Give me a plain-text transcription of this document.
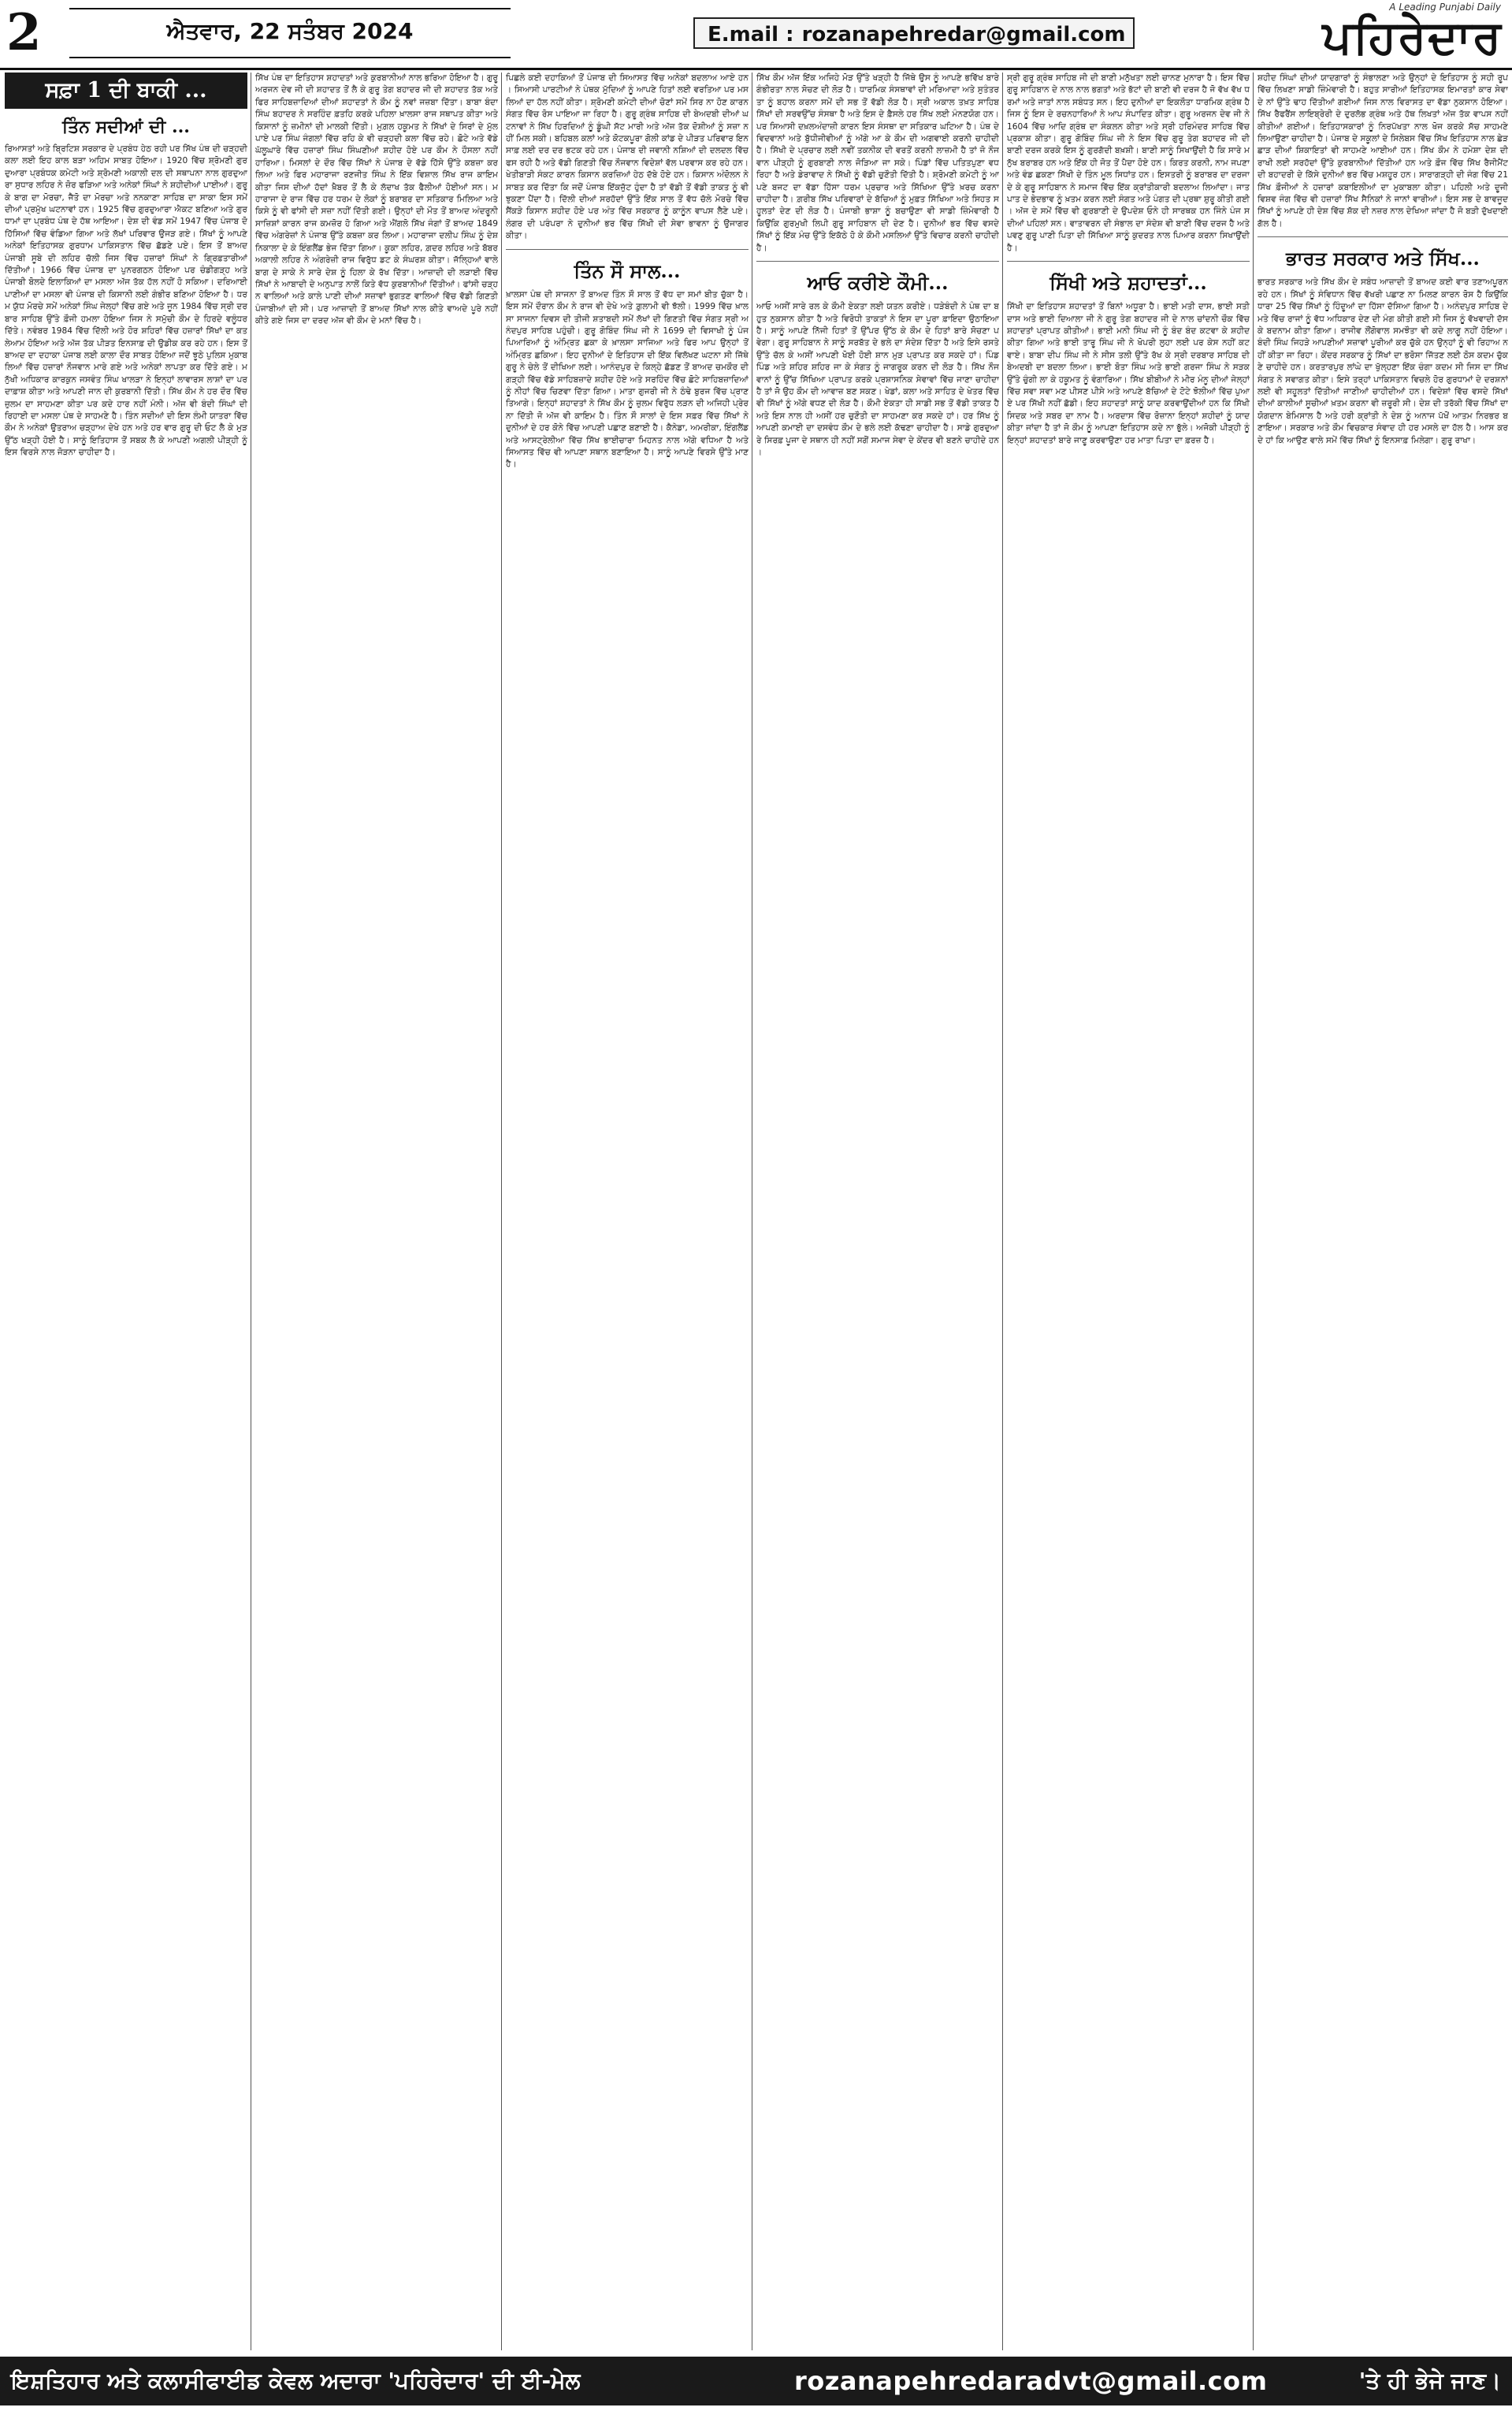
2	ਐਤਵਾਰ, 22 ਸਤੰਬਰ 2024	E.mail : rozanapehredar@gmail.com
A Leading Punjabi Daily
ਪਹਿਰੇਦਾਰ
ਸਫ਼ਾ 1 ਦੀ ਬਾਕੀ ...
ਤਿੰਨ ਸਦੀਆਂ ਦੀ ...
ਰਿਆਸਤਾਂ ਅਤੇ ਬ੍ਰਿਟਿਸ਼ ਸਰਕਾਰ ਦੇ ਪ੍ਰਬੰਧ ਹੇਠ ਰਹੀ ਪਰ ਸਿੱਖ ਪੰਥ ਦੀ ਚੜ੍ਹਦੀ ਕਲਾ ਲਈ ਇਹ ਕਾਲ ਬੜਾ ਅਹਿਮ ਸਾਬਤ ਹੋਇਆ। 1920 ਵਿੱਚ ਸ਼੍ਰੋਮਣੀ ਗੁਰਦੁਆਰਾ ਪ੍ਰਬੰਧਕ ਕਮੇਟੀ ਅਤੇ ਸ਼੍ਰੋਮਣੀ ਅਕਾਲੀ ਦਲ ਦੀ ਸਥਾਪਨਾ ਨਾਲ ਗੁਰਦੁਆਰਾ ਸੁਧਾਰ ਲਹਿਰ ਨੇ ਜ਼ੋਰ ਫੜਿਆ ਅਤੇ ਅਨੇਕਾਂ ਸਿੰਘਾਂ ਨੇ ਸ਼ਹੀਦੀਆਂ ਪਾਈਆਂ। ਗੁਰੂ ਕੇ ਬਾਗ ਦਾ ਮੋਰਚਾ, ਜੈਤੋ ਦਾ ਮੋਰਚਾ ਅਤੇ ਨਨਕਾਣਾ ਸਾਹਿਬ ਦਾ ਸਾਕਾ ਇਸ ਸਮੇਂ ਦੀਆਂ ਪ੍ਰਮੁੱਖ ਘਟਨਾਵਾਂ ਹਨ। 1925 ਵਿੱਚ ਗੁਰਦੁਆਰਾ ਐਕਟ ਬਣਿਆ ਅਤੇ ਗੁਰਧਾਮਾਂ ਦਾ ਪ੍ਰਬੰਧ ਪੰਥ ਦੇ ਹੱਥ ਆਇਆ। ਦੇਸ਼ ਦੀ ਵੰਡ ਸਮੇਂ 1947 ਵਿੱਚ ਪੰਜਾਬ ਦੋ ਹਿੱਸਿਆਂ ਵਿੱਚ ਵੰਡਿਆ ਗਿਆ ਅਤੇ ਲੱਖਾਂ ਪਰਿਵਾਰ ਉਜੜ ਗਏ। ਸਿੱਖਾਂ ਨੂੰ ਆਪਣੇ ਅਨੇਕਾਂ ਇਤਿਹਾਸਕ ਗੁਰਧਾਮ ਪਾਕਿਸਤਾਨ ਵਿੱਚ ਛੱਡਣੇ ਪਏ। ਇਸ ਤੋਂ ਬਾਅਦ ਪੰਜਾਬੀ ਸੂਬੇ ਦੀ ਲਹਿਰ ਚੱਲੀ ਜਿਸ ਵਿੱਚ ਹਜ਼ਾਰਾਂ ਸਿੰਘਾਂ ਨੇ ਗ੍ਰਿਫ਼ਤਾਰੀਆਂ ਦਿੱਤੀਆਂ। 1966 ਵਿੱਚ ਪੰਜਾਬ ਦਾ ਪੁਨਰਗਠਨ ਹੋਇਆ ਪਰ ਚੰਡੀਗੜ੍ਹ ਅਤੇ ਪੰਜਾਬੀ ਬੋਲਦੇ ਇਲਾਕਿਆਂ ਦਾ ਮਸਲਾ ਅੱਜ ਤੱਕ ਹੱਲ ਨਹੀਂ ਹੋ ਸਕਿਆ। ਦਰਿਆਈ ਪਾਣੀਆਂ ਦਾ ਮਸਲਾ ਵੀ ਪੰਜਾਬ ਦੀ ਕਿਸਾਨੀ ਲਈ ਗੰਭੀਰ ਬਣਿਆ ਹੋਇਆ ਹੈ। ਧਰਮ ਯੁੱਧ ਮੋਰਚੇ ਸਮੇਂ ਅਨੇਕਾਂ ਸਿੰਘ ਜੇਲ੍ਹਾਂ ਵਿੱਚ ਗਏ ਅਤੇ ਜੂਨ 1984 ਵਿੱਚ ਸ੍ਰੀ ਦਰਬਾਰ ਸਾਹਿਬ ਉੱਤੇ ਫ਼ੌਜੀ ਹਮਲਾ ਹੋਇਆ ਜਿਸ ਨੇ ਸਮੁੱਚੀ ਕੌਮ ਦੇ ਹਿਰਦੇ ਵਲੂੰਧਰ ਦਿੱਤੇ। ਨਵੰਬਰ 1984 ਵਿੱਚ ਦਿੱਲੀ ਅਤੇ ਹੋਰ ਸ਼ਹਿਰਾਂ ਵਿੱਚ ਹਜ਼ਾਰਾਂ ਸਿੱਖਾਂ ਦਾ ਕਤਲੇਆਮ ਹੋਇਆ ਅਤੇ ਅੱਜ ਤੱਕ ਪੀੜਤ ਇਨਸਾਫ਼ ਦੀ ਉਡੀਕ ਕਰ ਰਹੇ ਹਨ। ਇਸ ਤੋਂ ਬਾਅਦ ਦਾ ਦਹਾਕਾ ਪੰਜਾਬ ਲਈ ਕਾਲਾ ਦੌਰ ਸਾਬਤ ਹੋਇਆ ਜਦੋਂ ਝੂਠੇ ਪੁਲਿਸ ਮੁਕਾਬਲਿਆਂ ਵਿੱਚ ਹਜ਼ਾਰਾਂ ਨੌਜਵਾਨ ਮਾਰੇ ਗਏ ਅਤੇ ਅਨੇਕਾਂ ਲਾਪਤਾ ਕਰ ਦਿੱਤੇ ਗਏ। ਮਨੁੱਖੀ ਅਧਿਕਾਰ ਕਾਰਕੁਨ ਜਸਵੰਤ ਸਿੰਘ ਖਾਲੜਾ ਨੇ ਇਨ੍ਹਾਂ ਲਾਵਾਰਸ ਲਾਸ਼ਾਂ ਦਾ ਪਰਦਾਫ਼ਾਸ਼ ਕੀਤਾ ਅਤੇ ਆਪਣੀ ਜਾਨ ਦੀ ਕੁਰਬਾਨੀ ਦਿੱਤੀ। ਸਿੱਖ ਕੌਮ ਨੇ ਹਰ ਦੌਰ ਵਿੱਚ ਜ਼ੁਲਮ ਦਾ ਸਾਹਮਣਾ ਕੀਤਾ ਪਰ ਕਦੇ ਹਾਰ ਨਹੀਂ ਮੰਨੀ। ਅੱਜ ਵੀ ਬੰਦੀ ਸਿੰਘਾਂ ਦੀ ਰਿਹਾਈ ਦਾ ਮਸਲਾ ਪੰਥ ਦੇ ਸਾਹਮਣੇ ਹੈ। ਤਿੰਨ ਸਦੀਆਂ ਦੀ ਇਸ ਲੰਮੀ ਯਾਤਰਾ ਵਿੱਚ ਕੌਮ ਨੇ ਅਨੇਕਾਂ ਉਤਰਾਅ ਚੜ੍ਹਾਅ ਦੇਖੇ ਹਨ ਅਤੇ ਹਰ ਵਾਰ ਗੁਰੂ ਦੀ ਓਟ ਲੈ ਕੇ ਮੁੜ ਉੱਠ ਖੜ੍ਹੀ ਹੋਈ ਹੈ। ਸਾਨੂੰ ਇਤਿਹਾਸ ਤੋਂ ਸਬਕ ਲੈ ਕੇ ਆਪਣੀ ਅਗਲੀ ਪੀੜ੍ਹੀ ਨੂੰ ਇਸ ਵਿਰਸੇ ਨਾਲ ਜੋੜਨਾ ਚਾਹੀਦਾ ਹੈ।
ਸਿੱਖ ਪੰਥ ਦਾ ਇਤਿਹਾਸ ਸ਼ਹਾਦਤਾਂ ਅਤੇ ਕੁਰਬਾਨੀਆਂ ਨਾਲ ਭਰਿਆ ਹੋਇਆ ਹੈ। ਗੁਰੂ ਅਰਜਨ ਦੇਵ ਜੀ ਦੀ ਸ਼ਹਾਦਤ ਤੋਂ ਲੈ ਕੇ ਗੁਰੂ ਤੇਗ ਬਹਾਦਰ ਜੀ ਦੀ ਸ਼ਹਾਦਤ ਤੱਕ ਅਤੇ ਫਿਰ ਸਾਹਿਬਜ਼ਾਦਿਆਂ ਦੀਆਂ ਸ਼ਹਾਦਤਾਂ ਨੇ ਕੌਮ ਨੂੰ ਨਵਾਂ ਜਜ਼ਬਾ ਦਿੱਤਾ। ਬਾਬਾ ਬੰਦਾ ਸਿੰਘ ਬਹਾਦਰ ਨੇ ਸਰਹਿੰਦ ਫ਼ਤਹਿ ਕਰਕੇ ਪਹਿਲਾ ਖ਼ਾਲਸਾ ਰਾਜ ਸਥਾਪਤ ਕੀਤਾ ਅਤੇ ਕਿਸਾਨਾਂ ਨੂੰ ਜ਼ਮੀਨਾਂ ਦੀ ਮਾਲਕੀ ਦਿੱਤੀ। ਮੁਗ਼ਲ ਹਕੂਮਤ ਨੇ ਸਿੱਖਾਂ ਦੇ ਸਿਰਾਂ ਦੇ ਮੁੱਲ ਪਾਏ ਪਰ ਸਿੰਘ ਜੰਗਲਾਂ ਵਿੱਚ ਰਹਿ ਕੇ ਵੀ ਚੜ੍ਹਦੀ ਕਲਾ ਵਿੱਚ ਰਹੇ। ਛੋਟੇ ਅਤੇ ਵੱਡੇ ਘੱਲੂਘਾਰੇ ਵਿੱਚ ਹਜ਼ਾਰਾਂ ਸਿੰਘ ਸਿੰਘਣੀਆਂ ਸ਼ਹੀਦ ਹੋਏ ਪਰ ਕੌਮ ਨੇ ਹੌਸਲਾ ਨਹੀਂ ਹਾਰਿਆ। ਮਿਸਲਾਂ ਦੇ ਦੌਰ ਵਿੱਚ ਸਿੱਖਾਂ ਨੇ ਪੰਜਾਬ ਦੇ ਵੱਡੇ ਹਿੱਸੇ ਉੱਤੇ ਕਬਜ਼ਾ ਕਰ ਲਿਆ ਅਤੇ ਫਿਰ ਮਹਾਰਾਜਾ ਰਣਜੀਤ ਸਿੰਘ ਨੇ ਇੱਕ ਵਿਸ਼ਾਲ ਸਿੱਖ ਰਾਜ ਕਾਇਮ ਕੀਤਾ ਜਿਸ ਦੀਆਂ ਹੱਦਾਂ ਖ਼ੈਬਰ ਤੋਂ ਲੈ ਕੇ ਲੱਦਾਖ ਤੱਕ ਫੈਲੀਆਂ ਹੋਈਆਂ ਸਨ। ਮਹਾਰਾਜਾ ਦੇ ਰਾਜ ਵਿੱਚ ਹਰ ਧਰਮ ਦੇ ਲੋਕਾਂ ਨੂੰ ਬਰਾਬਰ ਦਾ ਸਤਿਕਾਰ ਮਿਲਿਆ ਅਤੇ ਕਿਸੇ ਨੂੰ ਵੀ ਫਾਂਸੀ ਦੀ ਸਜ਼ਾ ਨਹੀਂ ਦਿੱਤੀ ਗਈ। ਉਨ੍ਹਾਂ ਦੀ ਮੌਤ ਤੋਂ ਬਾਅਦ ਅੰਦਰੂਨੀ ਸਾਜ਼ਿਸ਼ਾਂ ਕਾਰਨ ਰਾਜ ਕਮਜ਼ੋਰ ਹੋ ਗਿਆ ਅਤੇ ਐਂਗਲੋ ਸਿੱਖ ਜੰਗਾਂ ਤੋਂ ਬਾਅਦ 1849 ਵਿੱਚ ਅੰਗਰੇਜ਼ਾਂ ਨੇ ਪੰਜਾਬ ਉੱਤੇ ਕਬਜ਼ਾ ਕਰ ਲਿਆ। ਮਹਾਰਾਜਾ ਦਲੀਪ ਸਿੰਘ ਨੂੰ ਦੇਸ਼ ਨਿਕਾਲਾ ਦੇ ਕੇ ਇੰਗਲੈਂਡ ਭੇਜ ਦਿੱਤਾ ਗਿਆ। ਕੂਕਾ ਲਹਿਰ, ਗ਼ਦਰ ਲਹਿਰ ਅਤੇ ਬੱਬਰ ਅਕਾਲੀ ਲਹਿਰ ਨੇ ਅੰਗਰੇਜ਼ੀ ਰਾਜ ਵਿਰੁੱਧ ਡਟ ਕੇ ਸੰਘਰਸ਼ ਕੀਤਾ। ਜੱਲ੍ਹਿਆਂ ਵਾਲੇ ਬਾਗ ਦੇ ਸਾਕੇ ਨੇ ਸਾਰੇ ਦੇਸ਼ ਨੂੰ ਹਿਲਾ ਕੇ ਰੱਖ ਦਿੱਤਾ। ਆਜ਼ਾਦੀ ਦੀ ਲੜਾਈ ਵਿੱਚ ਸਿੱਖਾਂ ਨੇ ਆਬਾਦੀ ਦੇ ਅਨੁਪਾਤ ਨਾਲੋਂ ਕਿਤੇ ਵੱਧ ਕੁਰਬਾਨੀਆਂ ਦਿੱਤੀਆਂ। ਫਾਂਸੀ ਚੜ੍ਹਨ ਵਾਲਿਆਂ ਅਤੇ ਕਾਲੇ ਪਾਣੀ ਦੀਆਂ ਸਜ਼ਾਵਾਂ ਭੁਗਤਣ ਵਾਲਿਆਂ ਵਿੱਚ ਵੱਡੀ ਗਿਣਤੀ ਪੰਜਾਬੀਆਂ ਦੀ ਸੀ। ਪਰ ਆਜ਼ਾਦੀ ਤੋਂ ਬਾਅਦ ਸਿੱਖਾਂ ਨਾਲ ਕੀਤੇ ਵਾਅਦੇ ਪੂਰੇ ਨਹੀਂ ਕੀਤੇ ਗਏ ਜਿਸ ਦਾ ਦਰਦ ਅੱਜ ਵੀ ਕੌਮ ਦੇ ਮਨਾਂ ਵਿੱਚ ਹੈ।
ਪਿਛਲੇ ਕਈ ਦਹਾਕਿਆਂ ਤੋਂ ਪੰਜਾਬ ਦੀ ਸਿਆਸਤ ਵਿੱਚ ਅਨੇਕਾਂ ਬਦਲਾਅ ਆਏ ਹਨ। ਸਿਆਸੀ ਪਾਰਟੀਆਂ ਨੇ ਪੰਥਕ ਮੁੱਦਿਆਂ ਨੂੰ ਆਪਣੇ ਹਿਤਾਂ ਲਈ ਵਰਤਿਆ ਪਰ ਮਸਲਿਆਂ ਦਾ ਹੱਲ ਨਹੀਂ ਕੀਤਾ। ਸ਼੍ਰੋਮਣੀ ਕਮੇਟੀ ਦੀਆਂ ਚੋਣਾਂ ਸਮੇਂ ਸਿਰ ਨਾ ਹੋਣ ਕਾਰਨ ਸੰਗਤ ਵਿੱਚ ਰੋਸ ਪਾਇਆ ਜਾ ਰਿਹਾ ਹੈ। ਗੁਰੂ ਗ੍ਰੰਥ ਸਾਹਿਬ ਦੀ ਬੇਅਦਬੀ ਦੀਆਂ ਘਟਨਾਵਾਂ ਨੇ ਸਿੱਖ ਹਿਰਦਿਆਂ ਨੂੰ ਡੂੰਘੀ ਸੱਟ ਮਾਰੀ ਅਤੇ ਅੱਜ ਤੱਕ ਦੋਸ਼ੀਆਂ ਨੂੰ ਸਜ਼ਾ ਨਹੀਂ ਮਿਲ ਸਕੀ। ਬਹਿਬਲ ਕਲਾਂ ਅਤੇ ਕੋਟਕਪੂਰਾ ਗੋਲੀ ਕਾਂਡ ਦੇ ਪੀੜਤ ਪਰਿਵਾਰ ਇਨਸਾਫ਼ ਲਈ ਦਰ ਦਰ ਭਟਕ ਰਹੇ ਹਨ। ਪੰਜਾਬ ਦੀ ਜਵਾਨੀ ਨਸ਼ਿਆਂ ਦੀ ਦਲਦਲ ਵਿੱਚ ਫਸ ਰਹੀ ਹੈ ਅਤੇ ਵੱਡੀ ਗਿਣਤੀ ਵਿੱਚ ਨੌਜਵਾਨ ਵਿਦੇਸ਼ਾਂ ਵੱਲ ਪਰਵਾਸ ਕਰ ਰਹੇ ਹਨ। ਖੇਤੀਬਾੜੀ ਸੰਕਟ ਕਾਰਨ ਕਿਸਾਨ ਕਰਜ਼ਿਆਂ ਹੇਠ ਦੱਬੇ ਹੋਏ ਹਨ। ਕਿਸਾਨ ਅੰਦੋਲਨ ਨੇ ਸਾਬਤ ਕਰ ਦਿੱਤਾ ਕਿ ਜਦੋਂ ਪੰਜਾਬ ਇੱਕਜੁੱਟ ਹੁੰਦਾ ਹੈ ਤਾਂ ਵੱਡੀ ਤੋਂ ਵੱਡੀ ਤਾਕਤ ਨੂੰ ਵੀ ਝੁਕਣਾ ਪੈਂਦਾ ਹੈ। ਦਿੱਲੀ ਦੀਆਂ ਸਰਹੱਦਾਂ ਉੱਤੇ ਇੱਕ ਸਾਲ ਤੋਂ ਵੱਧ ਚੱਲੇ ਮੋਰਚੇ ਵਿੱਚ ਸੈਂਕੜੇ ਕਿਸਾਨ ਸ਼ਹੀਦ ਹੋਏ ਪਰ ਅੰਤ ਵਿੱਚ ਸਰਕਾਰ ਨੂੰ ਕਾਨੂੰਨ ਵਾਪਸ ਲੈਣੇ ਪਏ। ਲੰਗਰ ਦੀ ਪਰੰਪਰਾ ਨੇ ਦੁਨੀਆਂ ਭਰ ਵਿੱਚ ਸਿੱਖੀ ਦੀ ਸੇਵਾ ਭਾਵਨਾ ਨੂੰ ਉਜਾਗਰ ਕੀਤਾ।
ਤਿੰਨ ਸੌ ਸਾਲ...
ਖ਼ਾਲਸਾ ਪੰਥ ਦੀ ਸਾਜਨਾ ਤੋਂ ਬਾਅਦ ਤਿੰਨ ਸੌ ਸਾਲ ਤੋਂ ਵੱਧ ਦਾ ਸਮਾਂ ਬੀਤ ਚੁੱਕਾ ਹੈ। ਇਸ ਸਮੇਂ ਦੌਰਾਨ ਕੌਮ ਨੇ ਰਾਜ ਵੀ ਦੇਖੇ ਅਤੇ ਗ਼ੁਲਾਮੀ ਵੀ ਝੱਲੀ। 1999 ਵਿੱਚ ਖ਼ਾਲਸਾ ਸਾਜਨਾ ਦਿਵਸ ਦੀ ਤੀਜੀ ਸ਼ਤਾਬਦੀ ਸਮੇਂ ਲੱਖਾਂ ਦੀ ਗਿਣਤੀ ਵਿੱਚ ਸੰਗਤ ਸ੍ਰੀ ਅਨੰਦਪੁਰ ਸਾਹਿਬ ਪਹੁੰਚੀ। ਗੁਰੂ ਗੋਬਿੰਦ ਸਿੰਘ ਜੀ ਨੇ 1699 ਦੀ ਵਿਸਾਖੀ ਨੂੰ ਪੰਜ ਪਿਆਰਿਆਂ ਨੂੰ ਅੰਮ੍ਰਿਤ ਛਕਾ ਕੇ ਖ਼ਾਲਸਾ ਸਾਜਿਆ ਅਤੇ ਫਿਰ ਆਪ ਉਨ੍ਹਾਂ ਤੋਂ ਅੰਮ੍ਰਿਤ ਛਕਿਆ। ਇਹ ਦੁਨੀਆਂ ਦੇ ਇਤਿਹਾਸ ਦੀ ਇੱਕ ਵਿਲੱਖਣ ਘਟਨਾ ਸੀ ਜਿੱਥੇ ਗੁਰੂ ਨੇ ਚੇਲੇ ਤੋਂ ਦੀਖਿਆ ਲਈ। ਆਨੰਦਪੁਰ ਦੇ ਕਿਲ੍ਹੇ ਛੱਡਣ ਤੋਂ ਬਾਅਦ ਚਮਕੌਰ ਦੀ ਗੜ੍ਹੀ ਵਿੱਚ ਵੱਡੇ ਸਾਹਿਬਜ਼ਾਦੇ ਸ਼ਹੀਦ ਹੋਏ ਅਤੇ ਸਰਹਿੰਦ ਵਿੱਚ ਛੋਟੇ ਸਾਹਿਬਜ਼ਾਦਿਆਂ ਨੂੰ ਨੀਹਾਂ ਵਿੱਚ ਚਿਣਵਾ ਦਿੱਤਾ ਗਿਆ। ਮਾਤਾ ਗੁਜਰੀ ਜੀ ਨੇ ਠੰਢੇ ਬੁਰਜ ਵਿੱਚ ਪ੍ਰਾਣ ਤਿਆਗੇ। ਇਨ੍ਹਾਂ ਸ਼ਹਾਦਤਾਂ ਨੇ ਸਿੱਖ ਕੌਮ ਨੂੰ ਜ਼ੁਲਮ ਵਿਰੁੱਧ ਲੜਨ ਦੀ ਅਜਿਹੀ ਪ੍ਰੇਰਨਾ ਦਿੱਤੀ ਜੋ ਅੱਜ ਵੀ ਕਾਇਮ ਹੈ। ਤਿੰਨ ਸੌ ਸਾਲਾਂ ਦੇ ਇਸ ਸਫ਼ਰ ਵਿੱਚ ਸਿੱਖਾਂ ਨੇ ਦੁਨੀਆਂ ਦੇ ਹਰ ਕੋਨੇ ਵਿੱਚ ਆਪਣੀ ਪਛਾਣ ਬਣਾਈ ਹੈ। ਕੈਨੇਡਾ, ਅਮਰੀਕਾ, ਇੰਗਲੈਂਡ ਅਤੇ ਆਸਟ੍ਰੇਲੀਆ ਵਿੱਚ ਸਿੱਖ ਭਾਈਚਾਰਾ ਮਿਹਨਤ ਨਾਲ ਅੱਗੇ ਵਧਿਆ ਹੈ ਅਤੇ ਸਿਆਸਤ ਵਿੱਚ ਵੀ ਆਪਣਾ ਸਥਾਨ ਬਣਾਇਆ ਹੈ। ਸਾਨੂੰ ਆਪਣੇ ਵਿਰਸੇ ਉੱਤੇ ਮਾਣ ਹੈ।
ਸਿੱਖ ਕੌਮ ਅੱਜ ਇੱਕ ਅਜਿਹੇ ਮੋੜ ਉੱਤੇ ਖੜ੍ਹੀ ਹੈ ਜਿੱਥੇ ਉਸ ਨੂੰ ਆਪਣੇ ਭਵਿੱਖ ਬਾਰੇ ਗੰਭੀਰਤਾ ਨਾਲ ਸੋਚਣ ਦੀ ਲੋੜ ਹੈ। ਧਾਰਮਿਕ ਸੰਸਥਾਵਾਂ ਦੀ ਮਰਿਆਦਾ ਅਤੇ ਸੁਤੰਤਰਤਾ ਨੂੰ ਬਹਾਲ ਕਰਨਾ ਸਮੇਂ ਦੀ ਸਭ ਤੋਂ ਵੱਡੀ ਲੋੜ ਹੈ। ਸ੍ਰੀ ਅਕਾਲ ਤਖ਼ਤ ਸਾਹਿਬ ਸਿੱਖਾਂ ਦੀ ਸਰਵਉੱਚ ਸੰਸਥਾ ਹੈ ਅਤੇ ਇਸ ਦੇ ਫ਼ੈਸਲੇ ਹਰ ਸਿੱਖ ਲਈ ਮੰਨਣਯੋਗ ਹਨ। ਪਰ ਸਿਆਸੀ ਦਖ਼ਲਅੰਦਾਜ਼ੀ ਕਾਰਨ ਇਸ ਸੰਸਥਾ ਦਾ ਸਤਿਕਾਰ ਘਟਿਆ ਹੈ। ਪੰਥ ਦੇ ਵਿਦਵਾਨਾਂ ਅਤੇ ਬੁੱਧੀਜੀਵੀਆਂ ਨੂੰ ਅੱਗੇ ਆ ਕੇ ਕੌਮ ਦੀ ਅਗਵਾਈ ਕਰਨੀ ਚਾਹੀਦੀ ਹੈ। ਸਿੱਖੀ ਦੇ ਪ੍ਰਚਾਰ ਲਈ ਨਵੀਂ ਤਕਨੀਕ ਦੀ ਵਰਤੋਂ ਕਰਨੀ ਲਾਜ਼ਮੀ ਹੈ ਤਾਂ ਜੋ ਨੌਜਵਾਨ ਪੀੜ੍ਹੀ ਨੂੰ ਗੁਰਬਾਣੀ ਨਾਲ ਜੋੜਿਆ ਜਾ ਸਕੇ। ਪਿੰਡਾਂ ਵਿੱਚ ਪਤਿਤਪੁਣਾ ਵਧ ਰਿਹਾ ਹੈ ਅਤੇ ਡੇਰਾਵਾਦ ਨੇ ਸਿੱਖੀ ਨੂੰ ਵੱਡੀ ਚੁਣੌਤੀ ਦਿੱਤੀ ਹੈ। ਸ਼੍ਰੋਮਣੀ ਕਮੇਟੀ ਨੂੰ ਆਪਣੇ ਬਜਟ ਦਾ ਵੱਡਾ ਹਿੱਸਾ ਧਰਮ ਪ੍ਰਚਾਰ ਅਤੇ ਸਿੱਖਿਆ ਉੱਤੇ ਖ਼ਰਚ ਕਰਨਾ ਚਾਹੀਦਾ ਹੈ। ਗ਼ਰੀਬ ਸਿੱਖ ਪਰਿਵਾਰਾਂ ਦੇ ਬੱਚਿਆਂ ਨੂੰ ਮੁਫ਼ਤ ਸਿੱਖਿਆ ਅਤੇ ਸਿਹਤ ਸਹੂਲਤਾਂ ਦੇਣ ਦੀ ਲੋੜ ਹੈ। ਪੰਜਾਬੀ ਭਾਸ਼ਾ ਨੂੰ ਬਚਾਉਣਾ ਵੀ ਸਾਡੀ ਜ਼ਿੰਮੇਵਾਰੀ ਹੈ ਕਿਉਂਕਿ ਗੁਰਮੁਖੀ ਲਿਪੀ ਗੁਰੂ ਸਾਹਿਬਾਨ ਦੀ ਦੇਣ ਹੈ। ਦੁਨੀਆਂ ਭਰ ਵਿੱਚ ਵਸਦੇ ਸਿੱਖਾਂ ਨੂੰ ਇੱਕ ਮੰਚ ਉੱਤੇ ਇਕੱਠੇ ਹੋ ਕੇ ਕੌਮੀ ਮਸਲਿਆਂ ਉੱਤੇ ਵਿਚਾਰ ਕਰਨੀ ਚਾਹੀਦੀ ਹੈ।
ਆਓ ਕਰੀਏ ਕੌਮੀ...
ਆਓ ਅਸੀਂ ਸਾਰੇ ਰਲ ਕੇ ਕੌਮੀ ਏਕਤਾ ਲਈ ਯਤਨ ਕਰੀਏ। ਧੜੇਬੰਦੀ ਨੇ ਪੰਥ ਦਾ ਬਹੁਤ ਨੁਕਸਾਨ ਕੀਤਾ ਹੈ ਅਤੇ ਵਿਰੋਧੀ ਤਾਕਤਾਂ ਨੇ ਇਸ ਦਾ ਪੂਰਾ ਫ਼ਾਇਦਾ ਉਠਾਇਆ ਹੈ। ਸਾਨੂੰ ਆਪਣੇ ਨਿੱਜੀ ਹਿਤਾਂ ਤੋਂ ਉੱਪਰ ਉੱਠ ਕੇ ਕੌਮ ਦੇ ਹਿਤਾਂ ਬਾਰੇ ਸੋਚਣਾ ਪਵੇਗਾ। ਗੁਰੂ ਸਾਹਿਬਾਨ ਨੇ ਸਾਨੂੰ ਸਰਬੱਤ ਦੇ ਭਲੇ ਦਾ ਸੰਦੇਸ਼ ਦਿੱਤਾ ਹੈ ਅਤੇ ਇਸੇ ਰਸਤੇ ਉੱਤੇ ਚੱਲ ਕੇ ਅਸੀਂ ਆਪਣੀ ਖੋਈ ਹੋਈ ਸ਼ਾਨ ਮੁੜ ਪ੍ਰਾਪਤ ਕਰ ਸਕਦੇ ਹਾਂ। ਪਿੰਡ ਪਿੰਡ ਅਤੇ ਸ਼ਹਿਰ ਸ਼ਹਿਰ ਜਾ ਕੇ ਸੰਗਤ ਨੂੰ ਜਾਗਰੂਕ ਕਰਨ ਦੀ ਲੋੜ ਹੈ। ਸਿੱਖ ਨੌਜਵਾਨਾਂ ਨੂੰ ਉੱਚ ਸਿੱਖਿਆ ਪ੍ਰਾਪਤ ਕਰਕੇ ਪ੍ਰਸ਼ਾਸਨਿਕ ਸੇਵਾਵਾਂ ਵਿੱਚ ਜਾਣਾ ਚਾਹੀਦਾ ਹੈ ਤਾਂ ਜੋ ਉਹ ਕੌਮ ਦੀ ਆਵਾਜ਼ ਬਣ ਸਕਣ। ਖੇਡਾਂ, ਕਲਾ ਅਤੇ ਸਾਹਿਤ ਦੇ ਖੇਤਰ ਵਿੱਚ ਵੀ ਸਿੱਖਾਂ ਨੂੰ ਅੱਗੇ ਵਧਣ ਦੀ ਲੋੜ ਹੈ। ਕੌਮੀ ਏਕਤਾ ਹੀ ਸਾਡੀ ਸਭ ਤੋਂ ਵੱਡੀ ਤਾਕਤ ਹੈ ਅਤੇ ਇਸ ਨਾਲ ਹੀ ਅਸੀਂ ਹਰ ਚੁਣੌਤੀ ਦਾ ਸਾਹਮਣਾ ਕਰ ਸਕਦੇ ਹਾਂ। ਹਰ ਸਿੱਖ ਨੂੰ ਆਪਣੀ ਕਮਾਈ ਦਾ ਦਸਵੰਧ ਕੌਮ ਦੇ ਭਲੇ ਲਈ ਕੱਢਣਾ ਚਾਹੀਦਾ ਹੈ। ਸਾਡੇ ਗੁਰਦੁਆਰੇ ਸਿਰਫ਼ ਪੂਜਾ ਦੇ ਸਥਾਨ ਹੀ ਨਹੀਂ ਸਗੋਂ ਸਮਾਜ ਸੇਵਾ ਦੇ ਕੇਂਦਰ ਵੀ ਬਣਨੇ ਚਾਹੀਦੇ ਹਨ।
ਸ੍ਰੀ ਗੁਰੂ ਗ੍ਰੰਥ ਸਾਹਿਬ ਜੀ ਦੀ ਬਾਣੀ ਮਨੁੱਖਤਾ ਲਈ ਚਾਨਣ ਮੁਨਾਰਾ ਹੈ। ਇਸ ਵਿੱਚ ਗੁਰੂ ਸਾਹਿਬਾਨ ਦੇ ਨਾਲ ਨਾਲ ਭਗਤਾਂ ਅਤੇ ਭੱਟਾਂ ਦੀ ਬਾਣੀ ਵੀ ਦਰਜ ਹੈ ਜੋ ਵੱਖ ਵੱਖ ਧਰਮਾਂ ਅਤੇ ਜਾਤਾਂ ਨਾਲ ਸਬੰਧਤ ਸਨ। ਇਹ ਦੁਨੀਆਂ ਦਾ ਇਕਲੌਤਾ ਧਾਰਮਿਕ ਗ੍ਰੰਥ ਹੈ ਜਿਸ ਨੂੰ ਇਸ ਦੇ ਰਚਨਹਾਰਿਆਂ ਨੇ ਆਪ ਸੰਪਾਦਿਤ ਕੀਤਾ। ਗੁਰੂ ਅਰਜਨ ਦੇਵ ਜੀ ਨੇ 1604 ਵਿੱਚ ਆਦਿ ਗ੍ਰੰਥ ਦਾ ਸੰਕਲਨ ਕੀਤਾ ਅਤੇ ਸ੍ਰੀ ਹਰਿਮੰਦਰ ਸਾਹਿਬ ਵਿੱਚ ਪ੍ਰਕਾਸ਼ ਕੀਤਾ। ਗੁਰੂ ਗੋਬਿੰਦ ਸਿੰਘ ਜੀ ਨੇ ਇਸ ਵਿੱਚ ਗੁਰੂ ਤੇਗ ਬਹਾਦਰ ਜੀ ਦੀ ਬਾਣੀ ਦਰਜ ਕਰਕੇ ਇਸ ਨੂੰ ਗੁਰਗੱਦੀ ਬਖ਼ਸ਼ੀ। ਬਾਣੀ ਸਾਨੂੰ ਸਿਖਾਉਂਦੀ ਹੈ ਕਿ ਸਾਰੇ ਮਨੁੱਖ ਬਰਾਬਰ ਹਨ ਅਤੇ ਇੱਕ ਹੀ ਜੋਤ ਤੋਂ ਪੈਦਾ ਹੋਏ ਹਨ। ਕਿਰਤ ਕਰਨੀ, ਨਾਮ ਜਪਣਾ ਅਤੇ ਵੰਡ ਛਕਣਾ ਸਿੱਖੀ ਦੇ ਤਿੰਨ ਮੂਲ ਸਿਧਾਂਤ ਹਨ। ਇਸਤਰੀ ਨੂੰ ਬਰਾਬਰ ਦਾ ਦਰਜਾ ਦੇ ਕੇ ਗੁਰੂ ਸਾਹਿਬਾਨ ਨੇ ਸਮਾਜ ਵਿੱਚ ਇੱਕ ਕ੍ਰਾਂਤੀਕਾਰੀ ਬਦਲਾਅ ਲਿਆਂਦਾ। ਜਾਤ ਪਾਤ ਦੇ ਭੇਦਭਾਵ ਨੂੰ ਖ਼ਤਮ ਕਰਨ ਲਈ ਸੰਗਤ ਅਤੇ ਪੰਗਤ ਦੀ ਪ੍ਰਥਾ ਸ਼ੁਰੂ ਕੀਤੀ ਗਈ। ਅੱਜ ਦੇ ਸਮੇਂ ਵਿੱਚ ਵੀ ਗੁਰਬਾਣੀ ਦੇ ਉਪਦੇਸ਼ ਓਨੇ ਹੀ ਸਾਰਥਕ ਹਨ ਜਿੰਨੇ ਪੰਜ ਸਦੀਆਂ ਪਹਿਲਾਂ ਸਨ। ਵਾਤਾਵਰਨ ਦੀ ਸੰਭਾਲ ਦਾ ਸੰਦੇਸ਼ ਵੀ ਬਾਣੀ ਵਿੱਚ ਦਰਜ ਹੈ ਅਤੇ ਪਵਣੁ ਗੁਰੂ ਪਾਣੀ ਪਿਤਾ ਦੀ ਸਿੱਖਿਆ ਸਾਨੂੰ ਕੁਦਰਤ ਨਾਲ ਪਿਆਰ ਕਰਨਾ ਸਿਖਾਉਂਦੀ ਹੈ।
ਸਿੱਖੀ ਅਤੇ ਸ਼ਹਾਦਤਾਂ...
ਸਿੱਖੀ ਦਾ ਇਤਿਹਾਸ ਸ਼ਹਾਦਤਾਂ ਤੋਂ ਬਿਨਾਂ ਅਧੂਰਾ ਹੈ। ਭਾਈ ਮਤੀ ਦਾਸ, ਭਾਈ ਸਤੀ ਦਾਸ ਅਤੇ ਭਾਈ ਦਿਆਲਾ ਜੀ ਨੇ ਗੁਰੂ ਤੇਗ ਬਹਾਦਰ ਜੀ ਦੇ ਨਾਲ ਚਾਂਦਨੀ ਚੌਕ ਵਿੱਚ ਸ਼ਹਾਦਤਾਂ ਪ੍ਰਾਪਤ ਕੀਤੀਆਂ। ਭਾਈ ਮਨੀ ਸਿੰਘ ਜੀ ਨੂੰ ਬੰਦ ਬੰਦ ਕਟਵਾ ਕੇ ਸ਼ਹੀਦ ਕੀਤਾ ਗਿਆ ਅਤੇ ਭਾਈ ਤਾਰੂ ਸਿੰਘ ਜੀ ਨੇ ਖੋਪਰੀ ਲੁਹਾ ਲਈ ਪਰ ਕੇਸ ਨਹੀਂ ਕਟਵਾਏ। ਬਾਬਾ ਦੀਪ ਸਿੰਘ ਜੀ ਨੇ ਸੀਸ ਤਲੀ ਉੱਤੇ ਰੱਖ ਕੇ ਸ੍ਰੀ ਦਰਬਾਰ ਸਾਹਿਬ ਦੀ ਬੇਅਦਬੀ ਦਾ ਬਦਲਾ ਲਿਆ। ਭਾਈ ਬੋਤਾ ਸਿੰਘ ਅਤੇ ਭਾਈ ਗਰਜਾ ਸਿੰਘ ਨੇ ਸੜਕ ਉੱਤੇ ਚੁੰਗੀ ਲਾ ਕੇ ਹਕੂਮਤ ਨੂੰ ਵੰਗਾਰਿਆ। ਸਿੱਖ ਬੀਬੀਆਂ ਨੇ ਮੀਰ ਮੰਨੂ ਦੀਆਂ ਜੇਲ੍ਹਾਂ ਵਿੱਚ ਸਵਾ ਸਵਾ ਮਣ ਪੀਸਣ ਪੀਸੇ ਅਤੇ ਆਪਣੇ ਬੱਚਿਆਂ ਦੇ ਟੋਟੇ ਝੋਲੀਆਂ ਵਿੱਚ ਪੁਆਏ ਪਰ ਸਿੱਖੀ ਨਹੀਂ ਛੱਡੀ। ਇਹ ਸ਼ਹਾਦਤਾਂ ਸਾਨੂੰ ਯਾਦ ਕਰਵਾਉਂਦੀਆਂ ਹਨ ਕਿ ਸਿੱਖੀ ਸਿਦਕ ਅਤੇ ਸਬਰ ਦਾ ਨਾਮ ਹੈ। ਅਰਦਾਸ ਵਿੱਚ ਰੋਜ਼ਾਨਾ ਇਨ੍ਹਾਂ ਸ਼ਹੀਦਾਂ ਨੂੰ ਯਾਦ ਕੀਤਾ ਜਾਂਦਾ ਹੈ ਤਾਂ ਜੋ ਕੌਮ ਨੂੰ ਆਪਣਾ ਇਤਿਹਾਸ ਕਦੇ ਨਾ ਭੁੱਲੇ। ਅਜੋਕੀ ਪੀੜ੍ਹੀ ਨੂੰ ਇਨ੍ਹਾਂ ਸ਼ਹਾਦਤਾਂ ਬਾਰੇ ਜਾਣੂ ਕਰਵਾਉਣਾ ਹਰ ਮਾਤਾ ਪਿਤਾ ਦਾ ਫ਼ਰਜ਼ ਹੈ।
ਸ਼ਹੀਦ ਸਿੰਘਾਂ ਦੀਆਂ ਯਾਦਗਾਰਾਂ ਨੂੰ ਸੰਭਾਲਣਾ ਅਤੇ ਉਨ੍ਹਾਂ ਦੇ ਇਤਿਹਾਸ ਨੂੰ ਸਹੀ ਰੂਪ ਵਿੱਚ ਲਿਖਣਾ ਸਾਡੀ ਜ਼ਿੰਮੇਵਾਰੀ ਹੈ। ਬਹੁਤ ਸਾਰੀਆਂ ਇਤਿਹਾਸਕ ਇਮਾਰਤਾਂ ਕਾਰ ਸੇਵਾ ਦੇ ਨਾਂ ਉੱਤੇ ਢਾਹ ਦਿੱਤੀਆਂ ਗਈਆਂ ਜਿਸ ਨਾਲ ਵਿਰਾਸਤ ਦਾ ਵੱਡਾ ਨੁਕਸਾਨ ਹੋਇਆ। ਸਿੱਖ ਰੈਫਰੈਂਸ ਲਾਇਬ੍ਰੇਰੀ ਦੇ ਦੁਰਲੱਭ ਗ੍ਰੰਥ ਅਤੇ ਹੱਥ ਲਿਖਤਾਂ ਅੱਜ ਤੱਕ ਵਾਪਸ ਨਹੀਂ ਕੀਤੀਆਂ ਗਈਆਂ। ਇਤਿਹਾਸਕਾਰਾਂ ਨੂੰ ਨਿਰਪੱਖਤਾ ਨਾਲ ਖੋਜ ਕਰਕੇ ਸੱਚ ਸਾਹਮਣੇ ਲਿਆਉਣਾ ਚਾਹੀਦਾ ਹੈ। ਪੰਜਾਬ ਦੇ ਸਕੂਲਾਂ ਦੇ ਸਿਲੇਬਸ ਵਿੱਚ ਸਿੱਖ ਇਤਿਹਾਸ ਨਾਲ ਛੇੜਛਾੜ ਦੀਆਂ ਸ਼ਿਕਾਇਤਾਂ ਵੀ ਸਾਹਮਣੇ ਆਈਆਂ ਹਨ। ਸਿੱਖ ਕੌਮ ਨੇ ਹਮੇਸ਼ਾ ਦੇਸ਼ ਦੀ ਰਾਖੀ ਲਈ ਸਰਹੱਦਾਂ ਉੱਤੇ ਕੁਰਬਾਨੀਆਂ ਦਿੱਤੀਆਂ ਹਨ ਅਤੇ ਫ਼ੌਜ ਵਿੱਚ ਸਿੱਖ ਰੈਜੀਮੈਂਟ ਦੀ ਬਹਾਦਰੀ ਦੇ ਕਿੱਸੇ ਦੁਨੀਆਂ ਭਰ ਵਿੱਚ ਮਸ਼ਹੂਰ ਹਨ। ਸਾਰਾਗੜ੍ਹੀ ਦੀ ਜੰਗ ਵਿੱਚ 21 ਸਿੱਖ ਫ਼ੌਜੀਆਂ ਨੇ ਹਜ਼ਾਰਾਂ ਕਬਾਇਲੀਆਂ ਦਾ ਮੁਕਾਬਲਾ ਕੀਤਾ। ਪਹਿਲੀ ਅਤੇ ਦੂਜੀ ਵਿਸ਼ਵ ਜੰਗ ਵਿੱਚ ਵੀ ਹਜ਼ਾਰਾਂ ਸਿੱਖ ਸੈਨਿਕਾਂ ਨੇ ਜਾਨਾਂ ਵਾਰੀਆਂ। ਇਸ ਸਭ ਦੇ ਬਾਵਜੂਦ ਸਿੱਖਾਂ ਨੂੰ ਆਪਣੇ ਹੀ ਦੇਸ਼ ਵਿੱਚ ਸ਼ੱਕ ਦੀ ਨਜ਼ਰ ਨਾਲ ਦੇਖਿਆ ਜਾਂਦਾ ਹੈ ਜੋ ਬੜੀ ਦੁੱਖਦਾਈ ਗੱਲ ਹੈ।
ਭਾਰਤ ਸਰਕਾਰ ਅਤੇ ਸਿੱਖ...
ਭਾਰਤ ਸਰਕਾਰ ਅਤੇ ਸਿੱਖ ਕੌਮ ਦੇ ਸਬੰਧ ਆਜ਼ਾਦੀ ਤੋਂ ਬਾਅਦ ਕਈ ਵਾਰ ਤਣਾਅਪੂਰਨ ਰਹੇ ਹਨ। ਸਿੱਖਾਂ ਨੂੰ ਸੰਵਿਧਾਨ ਵਿੱਚ ਵੱਖਰੀ ਪਛਾਣ ਨਾ ਮਿਲਣ ਕਾਰਨ ਰੋਸ ਹੈ ਕਿਉਂਕਿ ਧਾਰਾ 25 ਵਿੱਚ ਸਿੱਖਾਂ ਨੂੰ ਹਿੰਦੂਆਂ ਦਾ ਹਿੱਸਾ ਦੱਸਿਆ ਗਿਆ ਹੈ। ਅਨੰਦਪੁਰ ਸਾਹਿਬ ਦੇ ਮਤੇ ਵਿੱਚ ਰਾਜਾਂ ਨੂੰ ਵੱਧ ਅਧਿਕਾਰ ਦੇਣ ਦੀ ਮੰਗ ਕੀਤੀ ਗਈ ਸੀ ਜਿਸ ਨੂੰ ਵੱਖਵਾਦੀ ਦੱਸ ਕੇ ਬਦਨਾਮ ਕੀਤਾ ਗਿਆ। ਰਾਜੀਵ ਲੌਂਗੋਵਾਲ ਸਮਝੌਤਾ ਵੀ ਕਦੇ ਲਾਗੂ ਨਹੀਂ ਹੋਇਆ। ਬੰਦੀ ਸਿੰਘ ਜਿਹੜੇ ਆਪਣੀਆਂ ਸਜ਼ਾਵਾਂ ਪੂਰੀਆਂ ਕਰ ਚੁੱਕੇ ਹਨ ਉਨ੍ਹਾਂ ਨੂੰ ਵੀ ਰਿਹਾਅ ਨਹੀਂ ਕੀਤਾ ਜਾ ਰਿਹਾ। ਕੇਂਦਰ ਸਰਕਾਰ ਨੂੰ ਸਿੱਖਾਂ ਦਾ ਭਰੋਸਾ ਜਿੱਤਣ ਲਈ ਠੋਸ ਕਦਮ ਚੁੱਕਣੇ ਚਾਹੀਦੇ ਹਨ। ਕਰਤਾਰਪੁਰ ਲਾਂਘੇ ਦਾ ਖੁੱਲ੍ਹਣਾ ਇੱਕ ਚੰਗਾ ਕਦਮ ਸੀ ਜਿਸ ਦਾ ਸਿੱਖ ਸੰਗਤ ਨੇ ਸਵਾਗਤ ਕੀਤਾ। ਇਸੇ ਤਰ੍ਹਾਂ ਪਾਕਿਸਤਾਨ ਵਿਚਲੇ ਹੋਰ ਗੁਰਧਾਮਾਂ ਦੇ ਦਰਸ਼ਨਾਂ ਲਈ ਵੀ ਸਹੂਲਤਾਂ ਦਿੱਤੀਆਂ ਜਾਣੀਆਂ ਚਾਹੀਦੀਆਂ ਹਨ। ਵਿਦੇਸ਼ਾਂ ਵਿੱਚ ਵਸਦੇ ਸਿੱਖਾਂ ਦੀਆਂ ਕਾਲੀਆਂ ਸੂਚੀਆਂ ਖ਼ਤਮ ਕਰਨਾ ਵੀ ਜ਼ਰੂਰੀ ਸੀ। ਦੇਸ਼ ਦੀ ਤਰੱਕੀ ਵਿੱਚ ਸਿੱਖਾਂ ਦਾ ਯੋਗਦਾਨ ਬੇਮਿਸਾਲ ਹੈ ਅਤੇ ਹਰੀ ਕ੍ਰਾਂਤੀ ਨੇ ਦੇਸ਼ ਨੂੰ ਅਨਾਜ ਪੱਖੋਂ ਆਤਮ ਨਿਰਭਰ ਬਣਾਇਆ। ਸਰਕਾਰ ਅਤੇ ਕੌਮ ਵਿਚਕਾਰ ਸੰਵਾਦ ਹੀ ਹਰ ਮਸਲੇ ਦਾ ਹੱਲ ਹੈ। ਆਸ ਕਰਦੇ ਹਾਂ ਕਿ ਆਉਣ ਵਾਲੇ ਸਮੇਂ ਵਿੱਚ ਸਿੱਖਾਂ ਨੂੰ ਇਨਸਾਫ਼ ਮਿਲੇਗਾ। ਗੁਰੂ ਰਾਖਾ।
ਇਸ਼ਤਿਹਾਰ ਅਤੇ ਕਲਾਸੀਫਾਈਡ ਕੇਵਲ ਅਦਾਰਾ 'ਪਹਿਰੇਦਾਰ' ਦੀ ਈ-ਮੇਲ	rozanapehredaradvt@gmail.com	'ਤੇ ਹੀ ਭੇਜੇ ਜਾਣ।
